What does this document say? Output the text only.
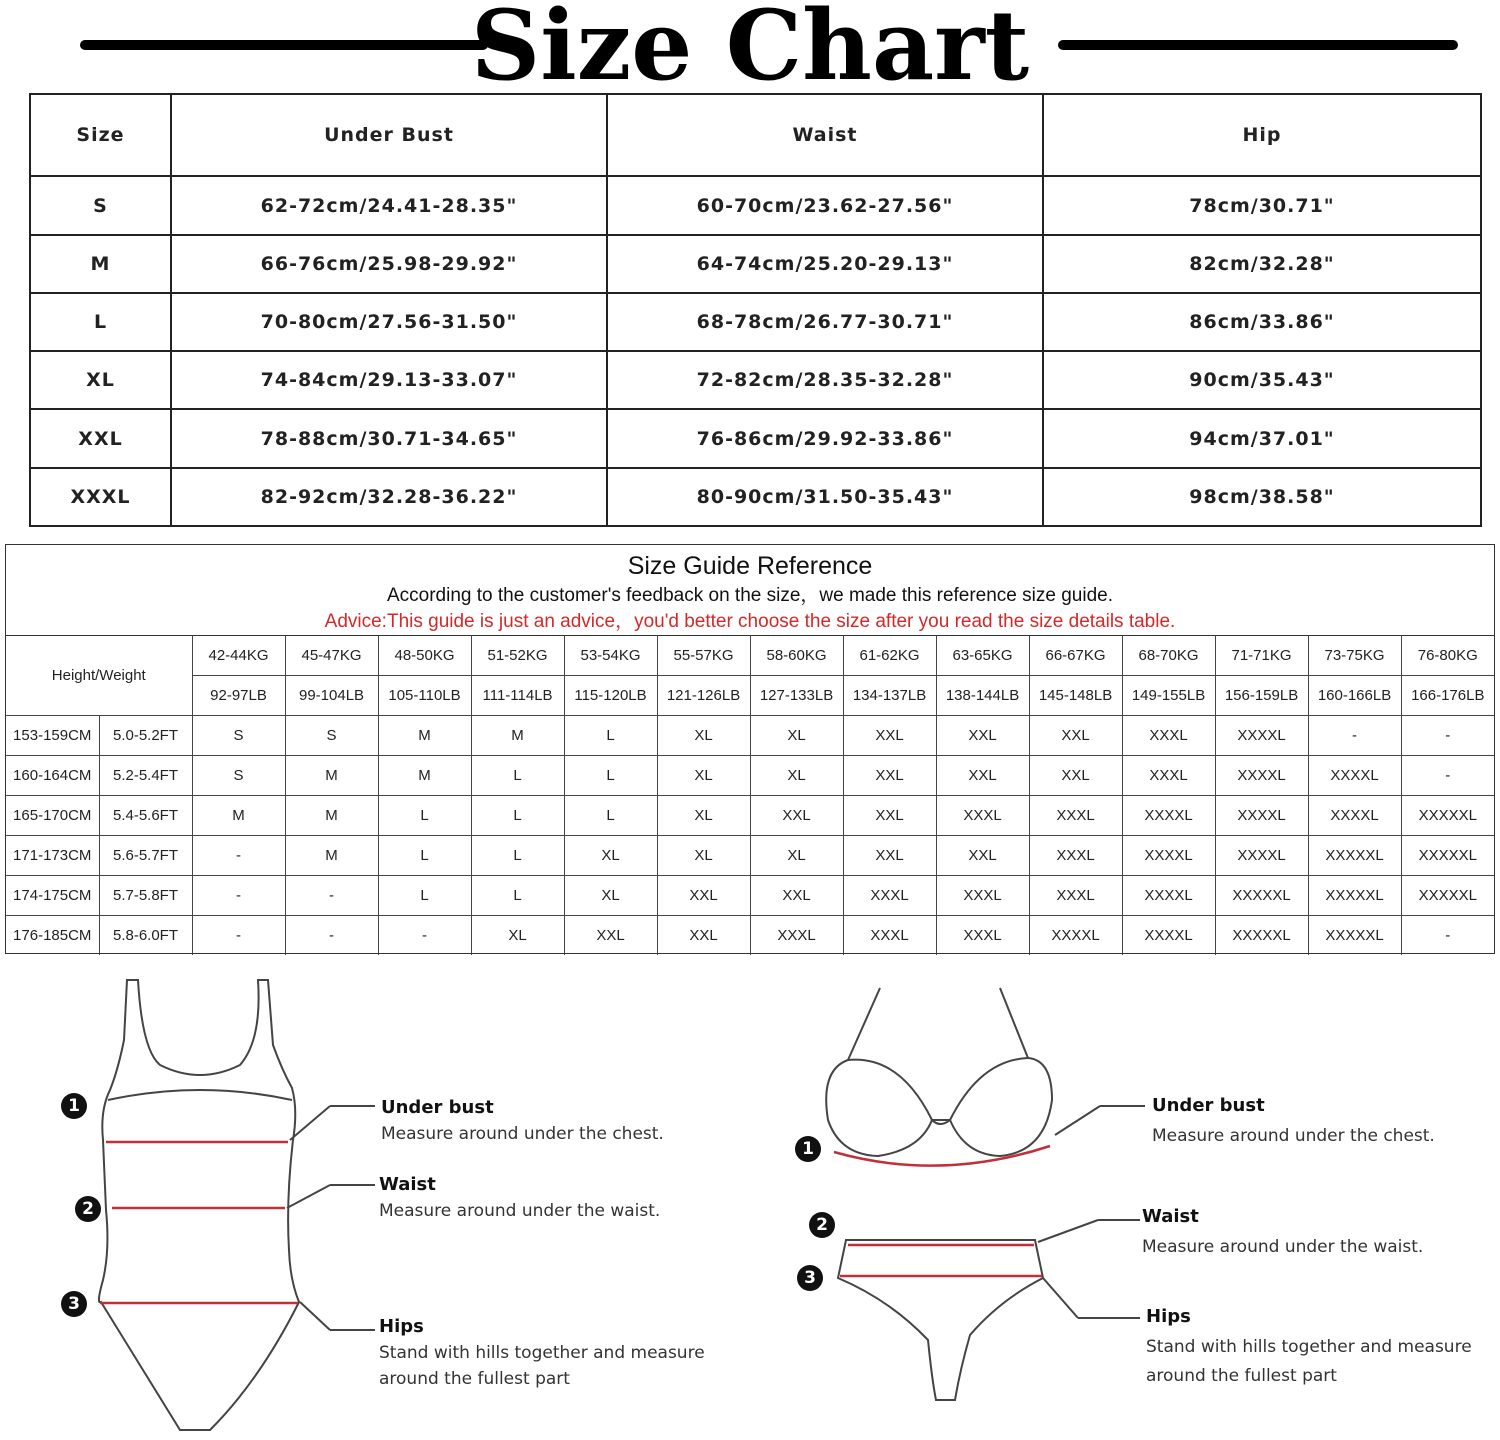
Size Chart
Size	Under Bust	Waist	Hip
S	62-72cm/24.41-28.35"	60-70cm/23.62-27.56"	78cm/30.71"
M	66-76cm/25.98-29.92"	64-74cm/25.20-29.13"	82cm/32.28"
L	70-80cm/27.56-31.50"	68-78cm/26.77-30.71"	86cm/33.86"
XL	74-84cm/29.13-33.07"	72-82cm/28.35-32.28"	90cm/35.43"
XXL	78-88cm/30.71-34.65"	76-86cm/29.92-33.86"	94cm/37.01"
XXXL	82-92cm/32.28-36.22"	80-90cm/31.50-35.43"	98cm/38.58"
Size Guide Reference
According to the customer's feedback on the size，we made this reference size guide.
Advice:This guide is just an advice，you'd better choose the size after you read the size details table.
Height/Weight		42-44KG	45-47KG	48-50KG	51-52KG	53-54KG	55-57KG	58-60KG	61-62KG	63-65KG	66-67KG	68-70KG	71-71KG	73-75KG	76-80KG
		92-97LB	99-104LB	105-110LB	111-114LB	115-120LB	121-126LB	127-133LB	134-137LB	138-144LB	145-148LB	149-155LB	156-159LB	160-166LB	166-176LB
153-159CM	5.0-5.2FT	S	S	M	M	L	XL	XL	XXL	XXL	XXL	XXXL	XXXXL	-	-
160-164CM	5.2-5.4FT	S	M	M	L	L	XL	XL	XXL	XXL	XXL	XXXL	XXXXL	XXXXL	-
165-170CM	5.4-5.6FT	M	M	L	L	L	XL	XXL	XXL	XXXL	XXXL	XXXXL	XXXXL	XXXXL	XXXXXL
171-173CM	5.6-5.7FT	-	M	L	L	XL	XL	XL	XXL	XXL	XXXL	XXXXL	XXXXL	XXXXXL	XXXXXL
174-175CM	5.7-5.8FT	-	-	L	L	XL	XXL	XXL	XXXL	XXXL	XXXL	XXXXL	XXXXXL	XXXXXL	XXXXXL
176-185CM	5.8-6.0FT	-	-	-	XL	XXL	XXL	XXXL	XXXL	XXXL	XXXXL	XXXXL	XXXXXL	XXXXXL	-
1
2
3
Under bust
Measure around under the chest.
Waist
Measure around under the waist.
Hips
Stand with hills together and measure
around the fullest part
1
2
3
Under bust
Measure around under the chest.
Waist
Measure around under the waist.
Hips
Stand with hills together and measure
around the fullest part
